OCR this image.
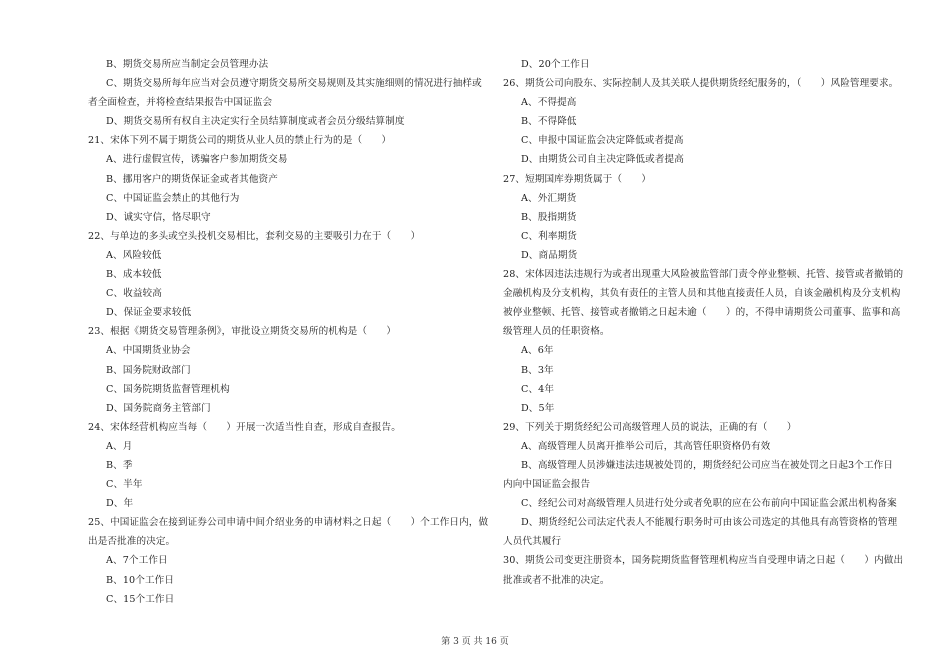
B、期货交易所应当制定会员管理办法
C、期货交易所每年应当对会员遵守期货交易所交易规则及其实施细则的情况进行抽样或
者全面检查，并将检查结果报告中国证监会
D、期货交易所有权自主决定实行全员结算制度或者会员分级结算制度
21、宋体下列不属于期货公司的期货从业人员的禁止行为的是（　　）
A、进行虚假宣传，诱骗客户参加期货交易
B、挪用客户的期货保证金或者其他资产
C、中国证监会禁止的其他行为
D、诚实守信，恪尽职守
22、与单边的多头或空头投机交易相比，套利交易的主要吸引力在于（　　）
A、风险较低
B、成本较低
C、收益较高
D、保证金要求较低
23、根据《期货交易管理条例》，审批设立期货交易所的机构是（　　）
A、中国期货业协会
B、国务院财政部门
C、国务院期货监督管理机构
D、国务院商务主管部门
24、宋体经营机构应当每（　　）开展一次适当性自查，形成自查报告。
A、月
B、季
C、半年
D、年
25、中国证监会在接到证券公司申请中间介绍业务的申请材料之日起（　　）个工作日内，做
出是否批准的决定。
A、7个工作日
B、10个工作日
C、15个工作日
D、20个工作日
26、期货公司向股东、实际控制人及其关联人提供期货经纪服务的，（　　）风险管理要求。
A、不得提高
B、不得降低
C、申报中国证监会决定降低或者提高
D、由期货公司自主决定降低或者提高
27、短期国库券期货属于（　　）
A、外汇期货
B、股指期货
C、利率期货
D、商品期货
28、宋体因违法违规行为或者出现重大风险被监管部门责令停业整顿、托管、接管或者撤销的
金融机构及分支机构，其负有责任的主管人员和其他直接责任人员，自该金融机构及分支机构
被停业整顿、托管、接管或者撤销之日起未逾（　　）的，不得申请期货公司董事、监事和高
级管理人员的任职资格。
A、6年
B、3年
C、4年
D、5年
29、下列关于期货经纪公司高级管理人员的说法，正确的有（　　）
A、高级管理人员离开推举公司后，其高管任职资格仍有效
B、高级管理人员涉嫌违法违规被处罚的，期货经纪公司应当在被处罚之日起3个工作日
内向中国证监会报告
C、经纪公司对高级管理人员进行处分或者免职的应在公布前向中国证监会派出机构备案
D、期货经纪公司法定代表人不能履行职务时可由该公司选定的其他具有高管资格的管理
人员代其履行
30、期货公司变更注册资本，国务院期货监督管理机构应当自受理申请之日起（　　）内做出
批准或者不批准的决定。
第 3 页 共 16 页
